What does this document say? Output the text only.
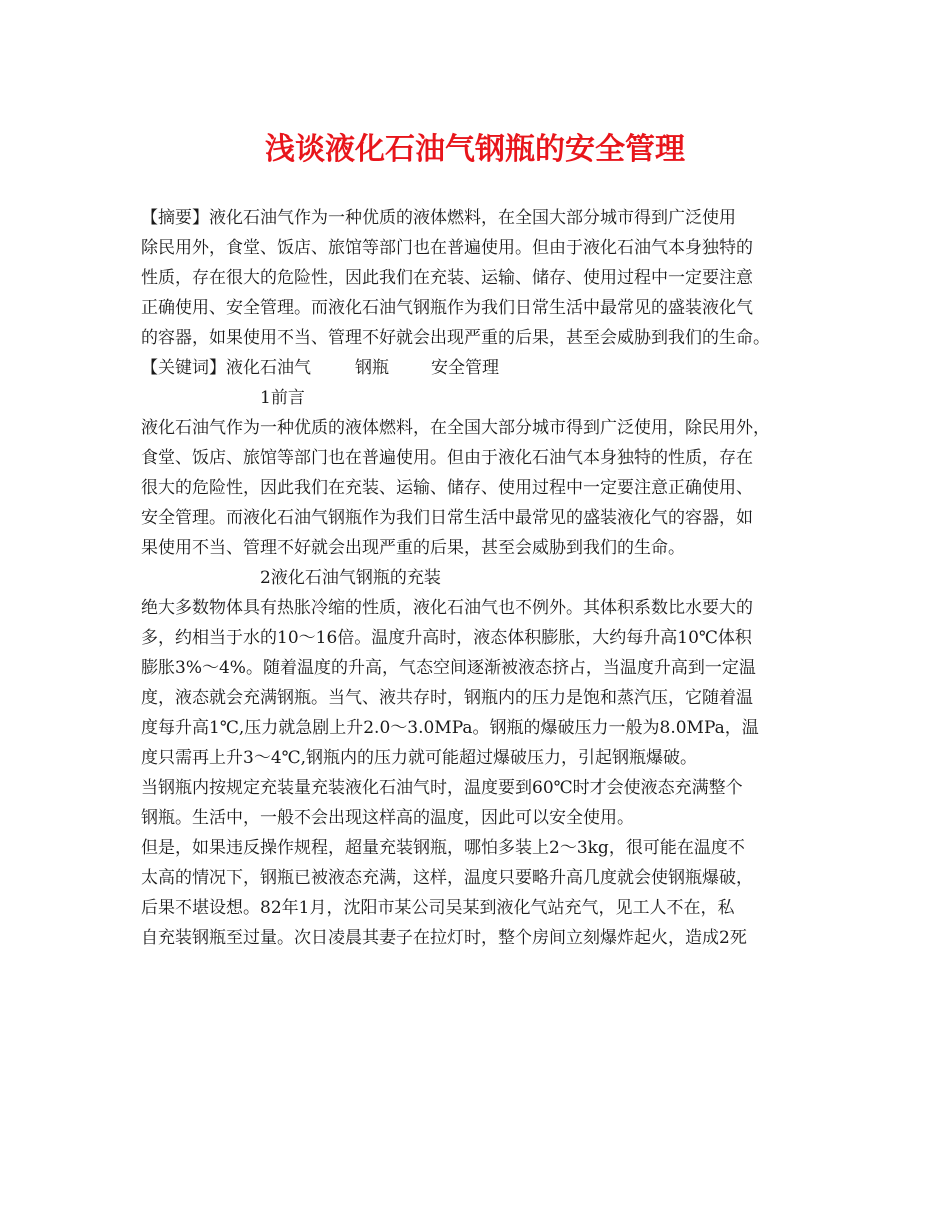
浅谈液化石油气钢瓶的安全管理
【摘要】液化石油气作为一种优质的液体燃料，在全国大部分城市得到广泛使用
除民用外，食堂、饭店、旅馆等部门也在普遍使用。但由于液化石油气本身独特的
性质，存在很大的危险性，因此我们在充装、运输、储存、使用过程中一定要注意
正确使用、安全管理。而液化石油气钢瓶作为我们日常生活中最常见的盛装液化气
的容器，如果使用不当、管理不好就会出现严重的后果，甚至会威胁到我们的生命。
【关键词】液化石油气	钢瓶 安全管理
1前言
液化石油气作为一种优质的液体燃料，在全国大部分城市得到广泛使用，除民用外，
食堂、饭店、旅馆等部门也在普遍使用。但由于液化石油气本身独特的性质，存在
很大的危险性，因此我们在充装、运输、储存、使用过程中一定要注意正确使用、
安全管理。而液化石油气钢瓶作为我们日常生活中最常见的盛装液化气的容器，如
果使用不当、管理不好就会出现严重的后果，甚至会威胁到我们的生命。
2液化石油气钢瓶的充装
绝大多数物体具有热胀冷缩的性质，液化石油气也不例外。其体积系数比水要大的
多，约相当于水的10～16倍。温度升高时，液态体积膨胀，大约每升高10℃体积
膨胀3%～4%。随着温度的升高，气态空间逐渐被液态挤占，当温度升高到一定温
度，液态就会充满钢瓶。当气、液共存时，钢瓶内的压力是饱和蒸汽压，它随着温
度每升高1℃,压力就急剧上升2.0～3.0MPa。钢瓶的爆破压力一般为8.0MPa，温
度只需再上升3～4℃,钢瓶内的压力就可能超过爆破压力，引起钢瓶爆破。
当钢瓶内按规定充装量充装液化石油气时，温度要到60℃时才会使液态充满整个
钢瓶。生活中，一般不会出现这样高的温度，因此可以安全使用。
但是，如果违反操作规程，超量充装钢瓶，哪怕多装上2～3kg，很可能在温度不
太高的情况下，钢瓶已被液态充满，这样，温度只要略升高几度就会使钢瓶爆破，
后果不堪设想。82年1月，沈阳市某公司吴某到液化气站充气，见工人不在，私
自充装钢瓶至过量。次日凌晨其妻子在拉灯时，整个房间立刻爆炸起火，造成2死
